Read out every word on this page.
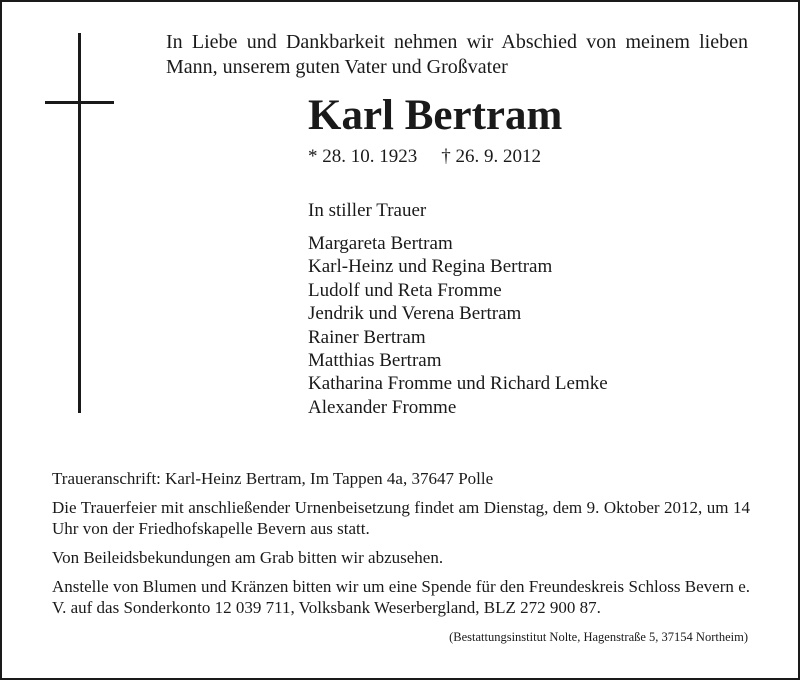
In Liebe und Dankbarkeit nehmen wir Abschied von meinem lieben Mann, unserem guten Vater und Großvater
Karl Bertram
* 28. 10. 1923 † 26. 9. 2012
In stiller Trauer
Margareta Bertram
Karl-Heinz und Regina Bertram
Ludolf und Reta Fromme
Jendrik und Verena Bertram
Rainer Bertram
Matthias Bertram
Katharina Fromme und Richard Lemke
Alexander Fromme

Traueranschrift: Karl-Heinz Bertram, Im Tappen 4a, 37647 Polle

Die Trauerfeier mit anschließender Urnenbeisetzung findet am Dienstag, dem 9. Oktober 2012, um 14 Uhr von der Friedhofskapelle Bevern aus statt.

Von Beileidsbekundungen am Grab bitten wir abzusehen.

Anstelle von Blumen und Kränzen bitten wir um eine Spende für den Freundeskreis Schloss Bevern e. V. auf das Sonderkonto 12 039 711, Volksbank Weserbergland, BLZ 272 900 87.

(Bestattungsinstitut Nolte, Hagenstraße 5, 37154 Northeim)
